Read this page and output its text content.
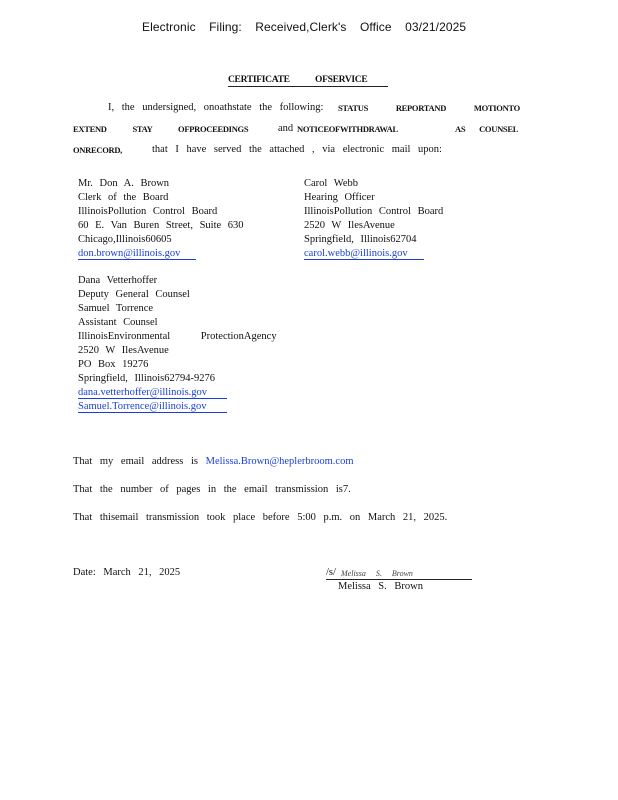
Electronic Filing: Received,Clerk's Office 03/21/2025
CERTIFICATE	OFSERVICE
I, the undersigned, onoathstate the following: STATUS REPORTAND MOTIONTO
EXTEND STAY OFPROCEEDINGS	and NOTICEOFWITHDRAWAL	AS COUNSEL
ONRECORD,	that I have served the attached , via electronic mail upon:
Mr. Don A. Brown
Clerk of the Board
IllinoisPollution Control Board
60 E. Van Buren Street, Suite 630
Chicago,Illinois60605
don.brown@illinois.gov
Carol Webb
Hearing Officer
IllinoisPollution Control Board
2520 W IlesAvenue
Springfield, Illinois62704
carol.webb@illinois.gov
Dana Vetterhoffer
Deputy General Counsel
Samuel Torrence
Assistant Counsel
IllinoisEnvironmental ProtectionAgency
2520 W IlesAvenue
PO Box 19276
Springfield, Illinois62794-9276
dana.vetterhoffer@illinois.gov
Samuel.Torrence@illinois.gov
That my email address is Melissa.Brown@heplerbroom.com
That the number of pages in the email transmission is7.
That thisemail transmission took place before 5:00 p.m. on March 21, 2025.
Date: March 21, 2025	/s/ Melissa S. Brown
Melissa S. Brown
